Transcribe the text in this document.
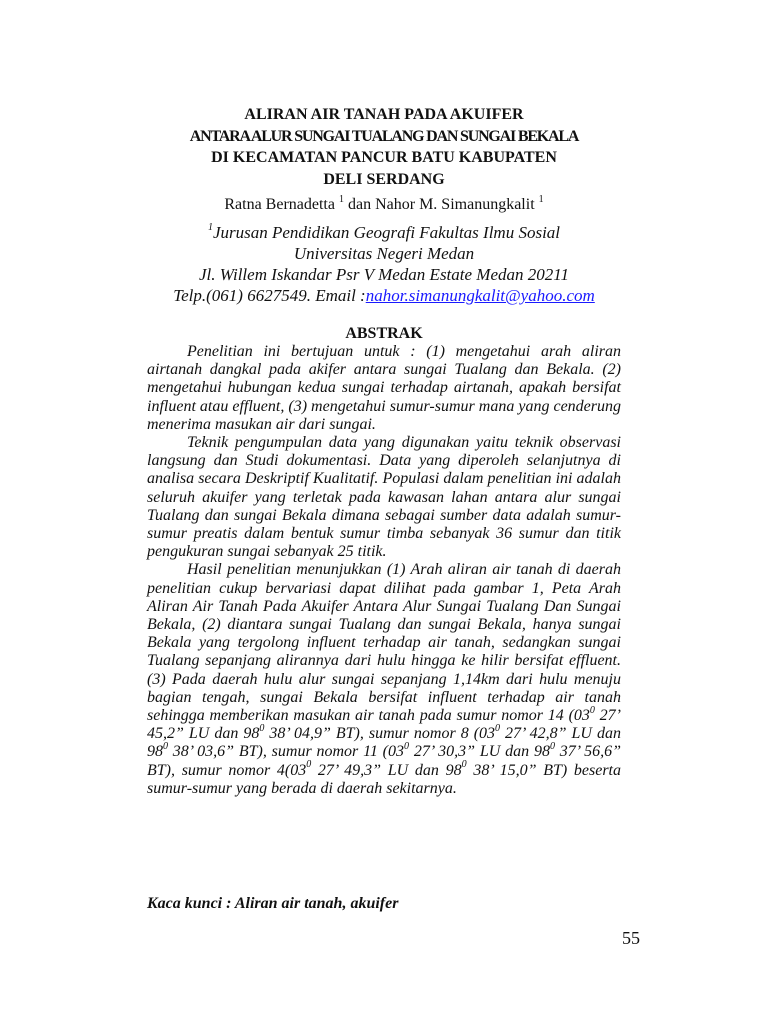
ALIRAN AIR TANAH PADA AKUIFER
ANTARA ALUR SUNGAI TUALANG DAN SUNGAI BEKALA
DI KECAMATAN PANCUR BATU KABUPATEN
DELI SERDANG
Ratna Bernadetta $^1$ dan Nahor M. Simanungkalit $^1$
$^1$Jurusan Pendidikan Geografi Fakultas Ilmu Sosial
Universitas Negeri Medan
Jl. Willem Iskandar Psr V Medan Estate Medan 20211
Telp.(061) 6627549. Email :nahor.simanungkalit@yahoo.com
ABSTRAK

Penelitian ini bertujuan untuk : (1) mengetahui arah aliran airtanah dangkal pada akifer antara sungai Tualang dan Bekala. (2) mengetahui hubungan kedua sungai terhadap airtanah, apakah bersifat influent atau effluent, (3) mengetahui sumur-sumur mana yang cenderung menerima masukan air dari sungai.

Teknik pengumpulan data yang digunakan yaitu teknik observasi langsung dan Studi dokumentasi. Data yang diperoleh selanjutnya di analisa secara Deskriptif Kualitatif. Populasi dalam penelitian ini adalah seluruh akuifer yang terletak pada kawasan lahan antara alur sungai Tualang dan sungai Bekala dimana sebagai sumber data adalah sumur-sumur preatis dalam bentuk sumur timba sebanyak 36 sumur dan titik pengukuran sungai sebanyak 25 titik.

Hasil penelitian menunjukkan (1) Arah aliran air tanah di daerah penelitian cukup bervariasi dapat dilihat pada gambar 1, Peta Arah Aliran Air Tanah Pada Akuifer Antara Alur Sungai Tualang Dan Sungai Bekala, (2) diantara sungai Tualang dan sungai Bekala, hanya sungai Bekala yang tergolong influent terhadap air tanah, sedangkan sungai Tualang sepanjang alirannya dari hulu hingga ke hilir bersifat effluent. (3) Pada daerah hulu alur sungai sepanjang 1,14km dari hulu menuju bagian tengah, sungai Bekala bersifat influent terhadap air tanah sehingga memberikan masukan air tanah pada sumur nomor 14 ($03^0$ 27’ 45,2” LU dan $98^0$ 38’ 04,9” BT), sumur nomor 8 ($03^0$ 27’ 42,8” LU dan $98^0$ 38’ 03,6” BT), sumur nomor 11 ($03^0$ 27’ 30,3” LU dan $98^0$ 37’ 56,6” BT), sumur nomor $4(03^0$ 27’ 49,3” LU dan $98^0$ 38’ 15,0” BT) beserta sumur-sumur yang berada di daerah sekitarnya.

Kaca kunci : Aliran air tanah, akuifer
55
